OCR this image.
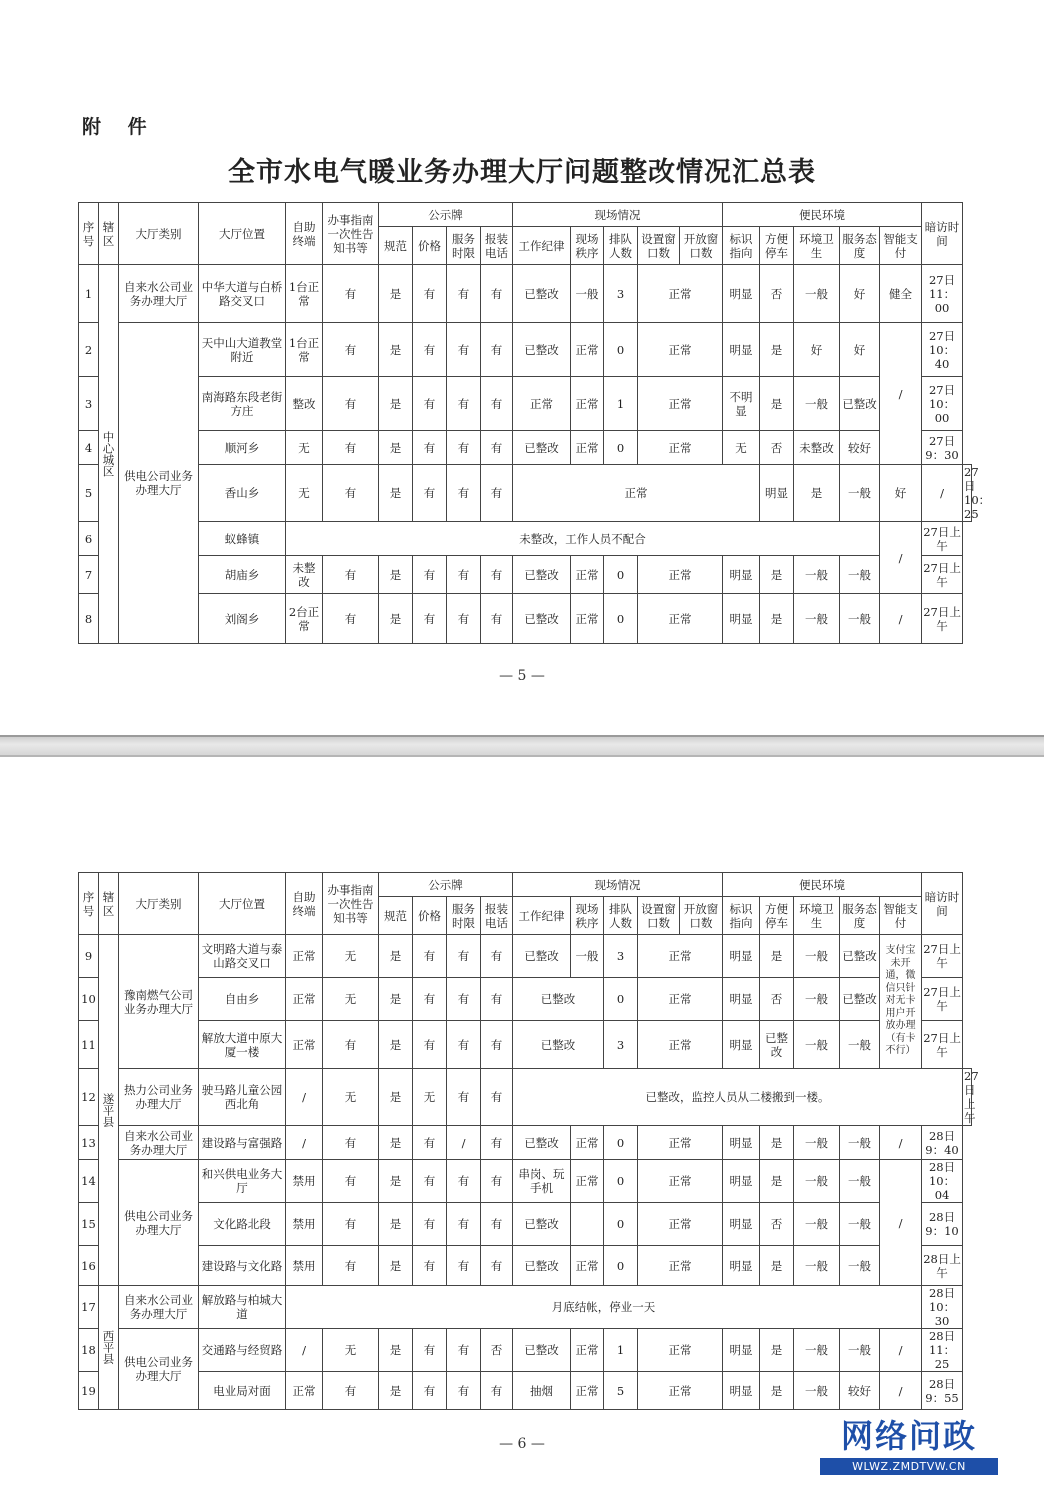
附 件
全市水电气暖业务办理大厅问题整改情况汇总表
序号	辖区	大厅类别	大厅位置	自助终端	办事指南一次性告知书等	公示牌				现场情况					便民环境					暗访时间	
						规范	价格	服务时限	报装电话	工作纪律	现场秩序	排队人数	设置窗口数	开放窗口数	标识指向	方便停车	环境卫生	服务态度	智能支付		
1	中心城区	自来水公司业务办理大厅	中华大道与白桥路交叉口	1台正常	有	是	有	有	有	已整改	一般	3	正常		明显	否	一般	好	健全	27日11：00	
2		供电公司业务办理大厅	天中山大道教堂附近	1台正常	有	是	有	有	有	已整改	正常	0	正常		明显	是	好	好	/	27日10：40	
3			南海路东段老街方庄	整改	有	是	有	有	有	正常	正常	1	正常		不明显	是	一般	已整改		27日10：00	
4			顺河乡	无	有	是	有	有	有	已整改	正常	0	正常		无	否	未整改	较好		27日9：30	
5			香山乡	无	有	是	有	有	有	正常						明显	是	一般	好	/	27日10：25
6			蚁蜂镇	未整改，工作人员不配合															/	27日上午	
7			胡庙乡	未整改	有	是	有	有	有	已整改	正常	0	正常		明显	是	一般	一般		27日上午	
8			刘阁乡	2台正常	有	是	有	有	有	已整改	正常	0	正常		明显	是	一般	一般	/	27日上午	
— 5 —
序号	辖区	大厅类别	大厅位置	自助终端	办事指南一次性告知书等	公示牌				现场情况					便民环境					暗访时间	
						规范	价格	服务时限	报装电话	工作纪律	现场秩序	排队人数	设置窗口数	开放窗口数	标识指向	方便停车	环境卫生	服务态度	智能支付		
9	遂平县	豫南燃气公司业务办理大厅	文明路大道与泰山路交叉口	正常	无	是	有	有	有	已整改	一般	3	正常		明显	是	一般	已整改	支付宝未开通，微信只针对无卡用户开放办理（有卡不行）	27日上午	
10			自由乡	正常	无	是	有	有	有	已整改		0	正常		明显	否	一般	已整改		27日上午	
11			解放大道中原大厦一楼	正常	有	是	有	有	有	已整改		3	正常		明显	已整改	一般	一般		27日上午	
12		热力公司业务办理大厅	驶马路儿童公园西北角	/	无	是	无	有	有	已整改，监控人员从二楼搬到一楼。											27日上午
13		自来水公司业务办理大厅	建设路与富强路	/	有	是	有	/	有	已整改	正常	0	正常		明显	是	一般	一般	/	28日9：40	
14		供电公司业务办理大厅	和兴供电业务大厅	禁用	有	是	有	有	有	串岗、玩手机	正常	0	正常		明显	是	一般	一般	/	28日10：04	
15			文化路北段	禁用	有	是	有	有	有	已整改		0	正常		明显	否	一般	一般		28日9：10	
16			建设路与文化路	禁用	有	是	有	有	有	已整改	正常	0	正常		明显	是	一般	一般		28日上午	
17	西平县	自来水公司业务办理大厅	解放路与柏城大道	月底结帐，停业一天																28日10：30	
18		供电公司业务办理大厅	交通路与经贸路	/	无	是	有	有	否	已整改	正常	1	正常		明显	是	一般	一般	/	28日11：25	
19			电业局对面	正常	有	是	有	有	有	抽烟	正常	5	正常		明显	是	一般	较好	/	28日9：55	
— 6 —	网络问政
WLWZ.ZMDTVW.CN
